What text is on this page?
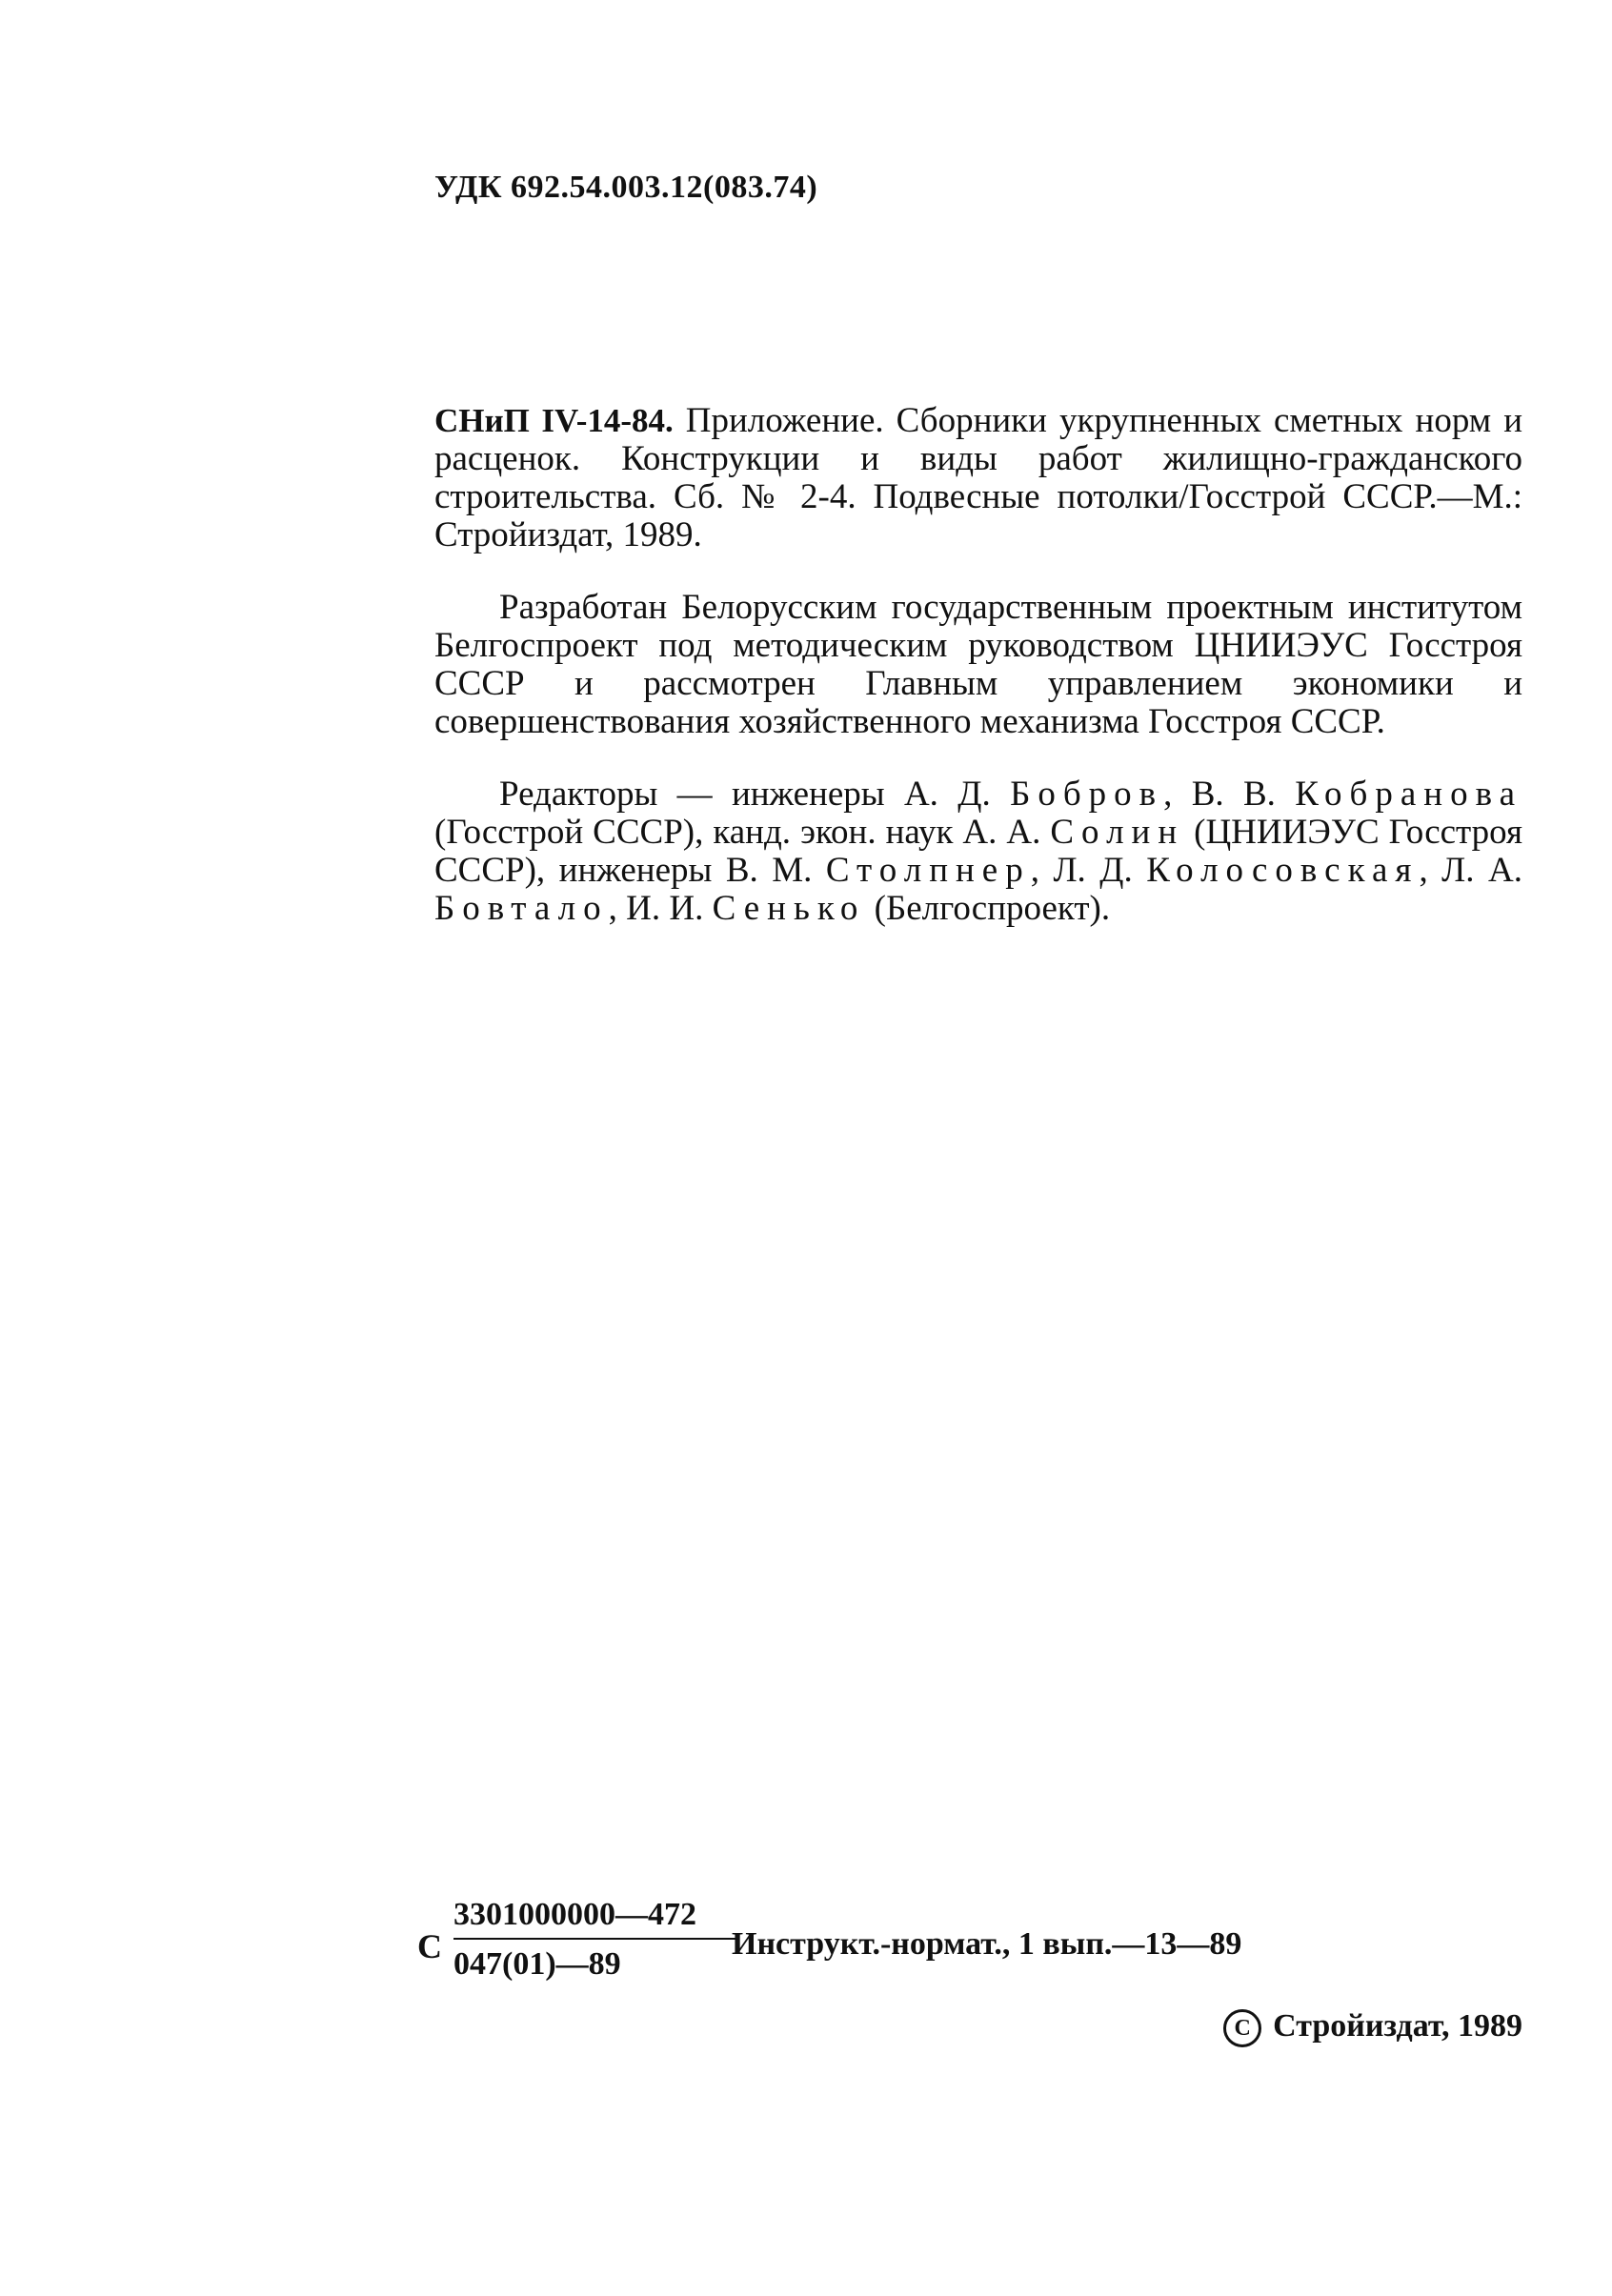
УДК 692.54.003.12(083.74)

СНиП IV-14-84. Приложение. Сборники укрупненных сметных норм и расценок. Конструкции и виды работ жилищно-гражданского строительства. Сб. № 2-4. Подвесные потолки/Госстрой СССР.—М.: Стройиздат, 1989.

Разработан Белорусским государственным проектным институтом Белгоспроект под методическим руководством ЦНИИЭУС Госстроя СССР и рассмотрен Главным управлением экономики и совершенствования хозяйственного механизма Госстроя СССР.

Редакторы — инженеры А. Д. Бобров, В. В. Кобранова (Госстрой СССР), канд. экон. наук А. А. Солин (ЦНИИЭУС Госстроя СССР), инженеры В. М. Столпнер, Л. Д. Колосовская, Л. А. Бовтало, И. И. Сенько (Белгоспроект).

С
3301000000—472
047(01)—89
Инструкт.-нормат., 1 вып.—13—89
C Стройиздат, 1989
